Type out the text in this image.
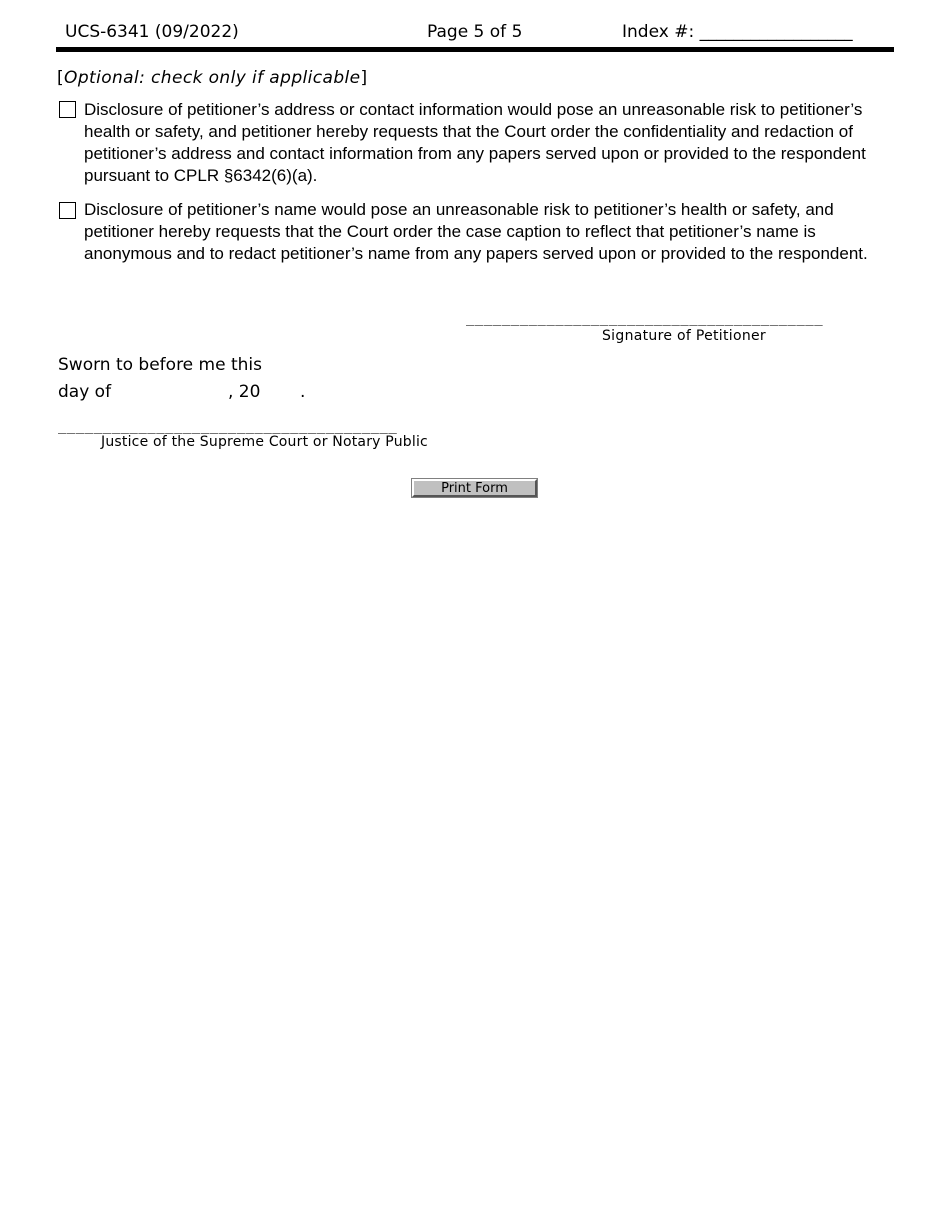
UCS-6341 (09/2022)	Page 5 of 5	Index #: __________________
[Optional: check only if applicable]
Disclosure of petitioner’s address or contact information would pose an unreasonable risk to petitioner’s health or safety, and petitioner hereby requests that the Court order the confidentiality and redaction of petitioner’s address and contact information from any papers served upon or provided to the respondent pursuant to CPLR §6342(6)(a).
Disclosure of petitioner’s name would pose an unreasonable risk to petitioner’s health or safety, and petitioner hereby requests that the Court order the case caption to reflect that petitioner’s name is anonymous and to redact petitioner’s name from any papers served upon or provided to the respondent.
________________________________________
Signature of Petitioner
Sworn to before me this
day of	, 20 .
______________________________________
Justice of the Supreme Court or Notary Public
Print Form
